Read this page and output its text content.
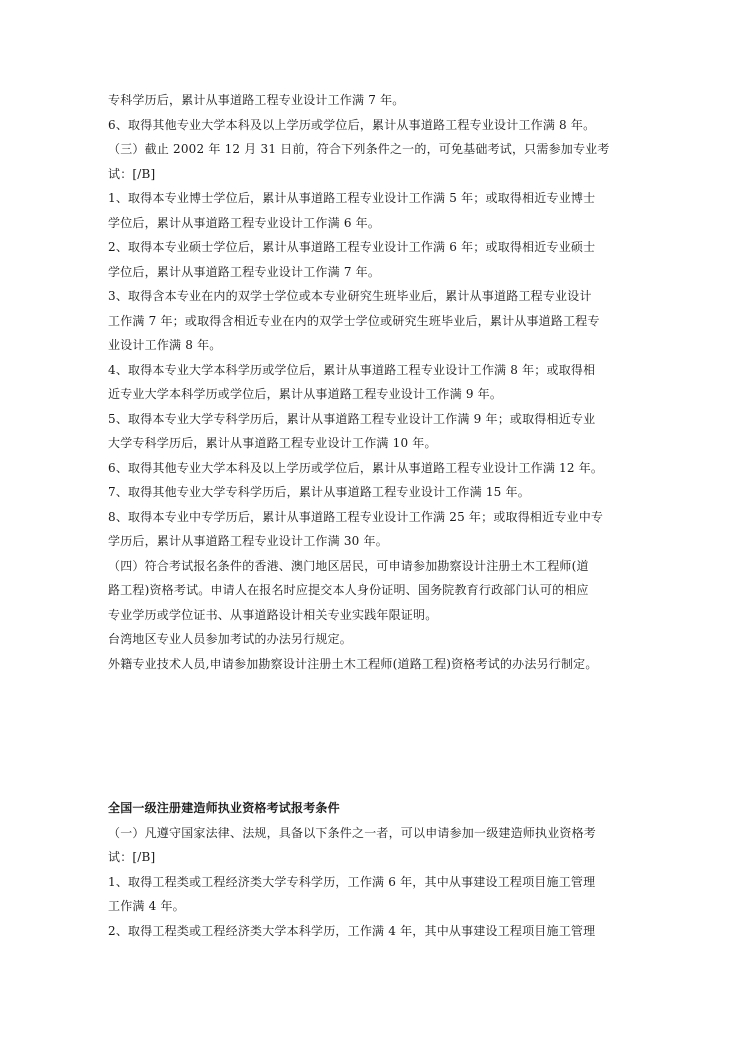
专科学历后，累计从事道路工程专业设计工作满 7 年。
6、取得其他专业大学本科及以上学历或学位后，累计从事道路工程专业设计工作满 8 年。
（三）截止 2002 年 12 月 31 日前，符合下列条件之一的，可免基础考试，只需参加专业考
试：[/B]
1、取得本专业博士学位后，累计从事道路工程专业设计工作满 5 年；或取得相近专业博士
学位后，累计从事道路工程专业设计工作满 6 年。
2、取得本专业硕士学位后，累计从事道路工程专业设计工作满 6 年；或取得相近专业硕士
学位后，累计从事道路工程专业设计工作满 7 年。
3、取得含本专业在内的双学士学位或本专业研究生班毕业后，累计从事道路工程专业设计
工作满 7 年；或取得含相近专业在内的双学士学位或研究生班毕业后，累计从事道路工程专
业设计工作满 8 年。
4、取得本专业大学本科学历或学位后，累计从事道路工程专业设计工作满 8 年；或取得相
近专业大学本科学历或学位后，累计从事道路工程专业设计工作满 9 年。
5、取得本专业大学专科学历后，累计从事道路工程专业设计工作满 9 年；或取得相近专业
大学专科学历后，累计从事道路工程专业设计工作满 10 年。
6、取得其他专业大学本科及以上学历或学位后，累计从事道路工程专业设计工作满 12 年。
7、取得其他专业大学专科学历后，累计从事道路工程专业设计工作满 15 年。
8、取得本专业中专学历后，累计从事道路工程专业设计工作满 25 年；或取得相近专业中专
学历后，累计从事道路工程专业设计工作满 30 年。
（四）符合考试报名条件的香港、澳门地区居民，可申请参加勘察设计注册土木工程师(道
路工程)资格考试。申请人在报名时应提交本人身份证明、国务院教育行政部门认可的相应
专业学历或学位证书、从事道路设计相关专业实践年限证明。
台湾地区专业人员参加考试的办法另行规定。
外籍专业技术人员,申请参加勘察设计注册土木工程师(道路工程)资格考试的办法另行制定。
全国一级注册建造师执业资格考试报考条件
（一）凡遵守国家法律、法规，具备以下条件之一者，可以申请参加一级建造师执业资格考
试：[/B]
1、取得工程类或工程经济类大学专科学历，工作满 6 年，其中从事建设工程项目施工管理
工作满 4 年。
2、取得工程类或工程经济类大学本科学历，工作满 4 年，其中从事建设工程项目施工管理
